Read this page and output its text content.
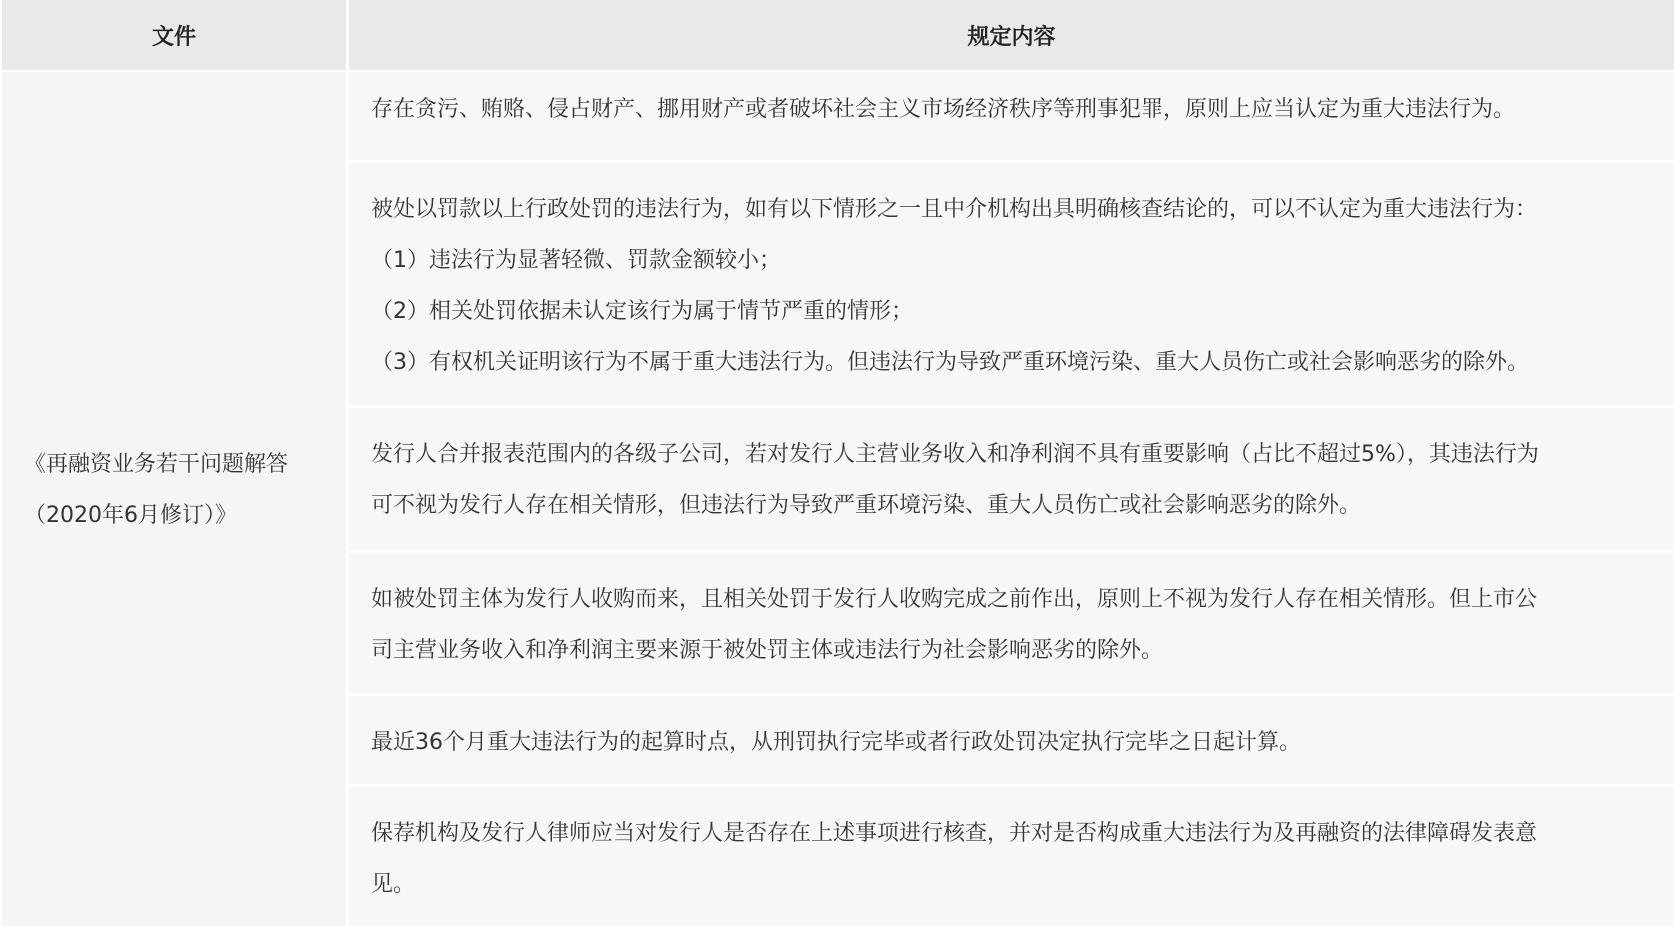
文件	规定内容
《再融资业务若干问题解答
（2020年6月修订）》

存在贪污、贿赂、侵占财产、挪用财产或者破坏社会主义市场经济秩序等刑事犯罪，原则上应当认定为重大违法行为。

被处以罚款以上行政处罚的违法行为，如有以下情形之一且中介机构出具明确核查结论的，可以不认定为重大违法行为：

（1）违法行为显著轻微、罚款金额较小；

（2）相关处罚依据未认定该行为属于情节严重的情形；

（3）有权机关证明该行为不属于重大违法行为。但违法行为导致严重环境污染、重大人员伤亡或社会影响恶劣的除外。

发行人合并报表范围内的各级子公司，若对发行人主营业务收入和净利润不具有重要影响（占比不超过5%），其违法行为

可不视为发行人存在相关情形，但违法行为导致严重环境污染、重大人员伤亡或社会影响恶劣的除外。

如被处罚主体为发行人收购而来，且相关处罚于发行人收购完成之前作出，原则上不视为发行人存在相关情形。但上市公

司主营业务收入和净利润主要来源于被处罚主体或违法行为社会影响恶劣的除外。

最近36个月重大违法行为的起算时点，从刑罚执行完毕或者行政处罚决定执行完毕之日起计算。

保荐机构及发行人律师应当对发行人是否存在上述事项进行核查，并对是否构成重大违法行为及再融资的法律障碍发表意

见。
